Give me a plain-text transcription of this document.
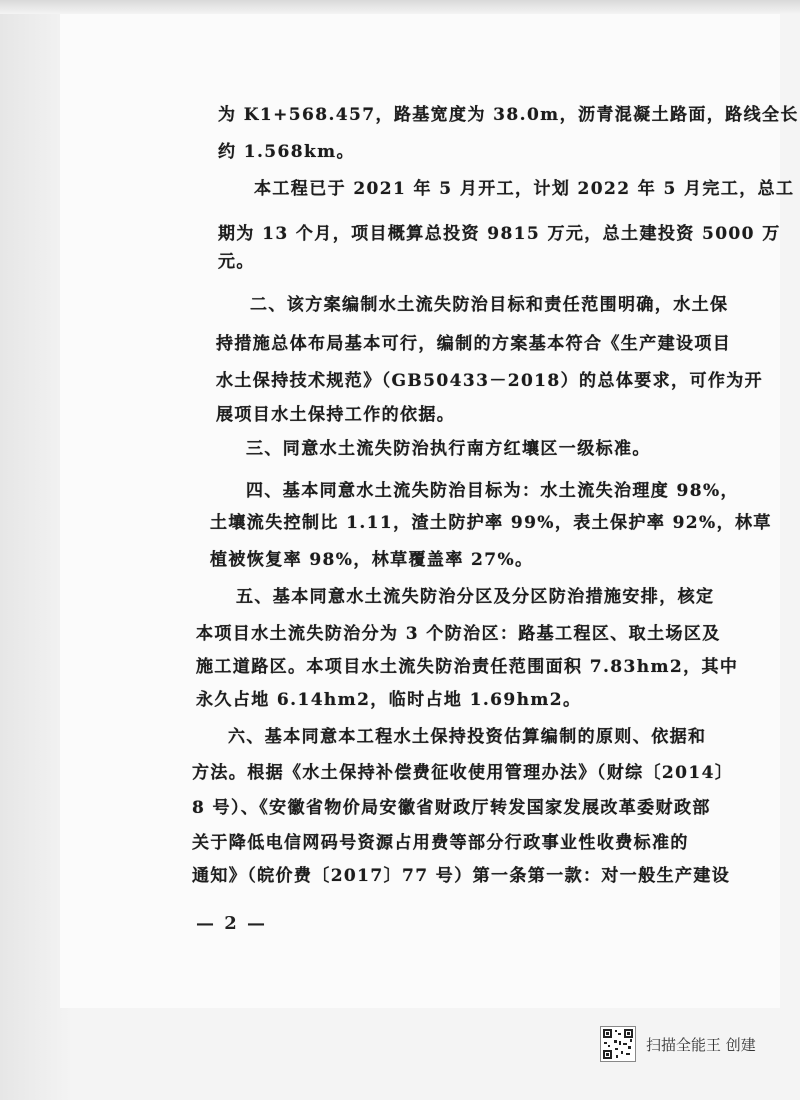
为 K1+568.457，路基宽度为 38.0m，沥青混凝土路面，路线全长
约 1.568km。
本工程已于 2021 年 5 月开工，计划 2022 年 5 月完工，总工
期为 13 个月，项目概算总投资 9815 万元，总土建投资 5000 万
元。
二、该方案编制水土流失防治目标和责任范围明确，水土保
持措施总体布局基本可行，编制的方案基本符合《生产建设项目
水土保持技术规范》（GB50433－2018）的总体要求，可作为开
展项目水土保持工作的依据。
三、同意水土流失防治执行南方红壤区一级标准。
四、基本同意水土流失防治目标为：水土流失治理度 98%，
土壤流失控制比 1.11，渣土防护率 99%，表土保护率 92%，林草
植被恢复率 98%，林草覆盖率 27%。
五、基本同意水土流失防治分区及分区防治措施安排，核定
本项目水土流失防治分为 3 个防治区：路基工程区、取土场区及
施工道路区。本项目水土流失防治责任范围面积 7.83hm2，其中
永久占地 6.14hm2，临时占地 1.69hm2。
六、基本同意本工程水土保持投资估算编制的原则、依据和
方法。根据《水土保持补偿费征收使用管理办法》（财综〔2014〕
8 号）、《安徽省物价局安徽省财政厅转发国家发展改革委财政部
关于降低电信网码号资源占用费等部分行政事业性收费标准的
通知》（皖价费〔2017〕77 号）第一条第一款：对一般生产建设
— 2 —
扫描全能王 创建
